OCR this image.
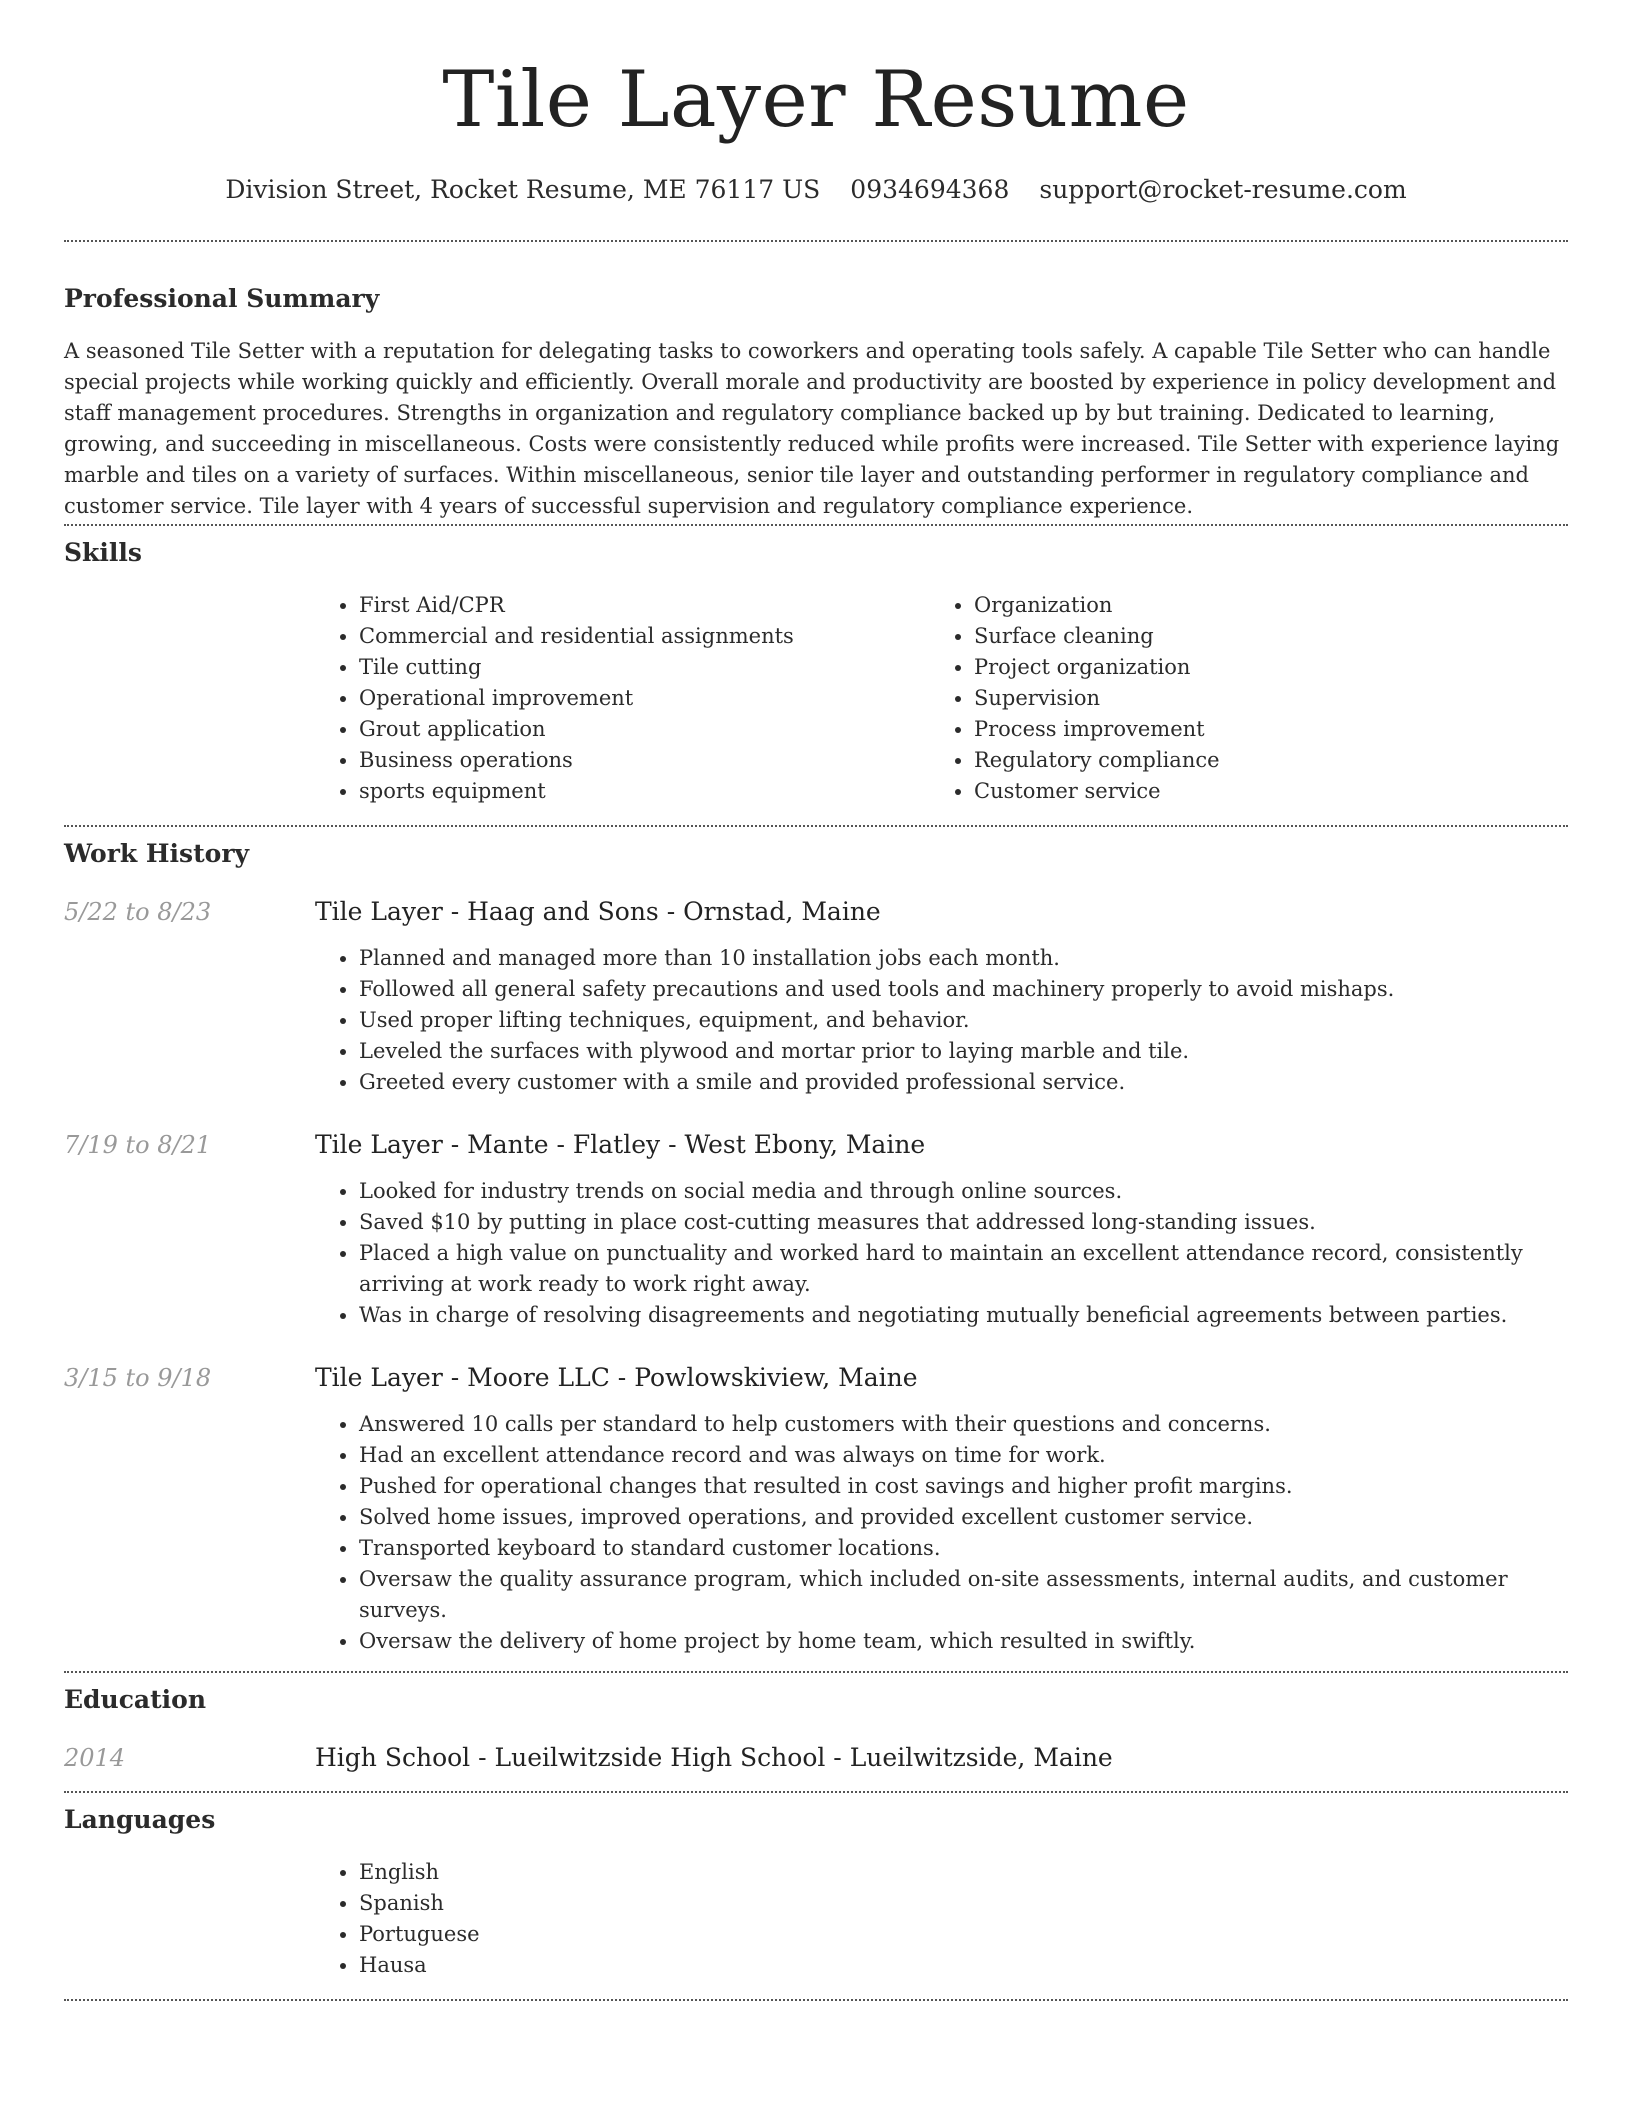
Tile Layer Resume
Division Street, Rocket Resume, ME 76117 US 0934694368 support@rocket-resume.com
Professional Summary

A seasoned Tile Setter with a reputation for delegating tasks to coworkers and operating tools safely. A capable Tile Setter who can handle special projects while working quickly and efficiently. Overall morale and productivity are boosted by experience in policy development and staff management procedures. Strengths in organization and regulatory compliance backed up by but training. Dedicated to learning, growing, and succeeding in miscellaneous. Costs were consistently reduced while profits were increased. Tile Setter with experience laying marble and tiles on a variety of surfaces. Within miscellaneous, senior tile layer and outstanding performer in regulatory compliance and customer service. Tile layer with 4 years of successful supervision and regulatory compliance experience.

Skills
• First Aid/CPR
• Commercial and residential assignments
• Tile cutting
• Operational improvement
• Grout application
• Business operations
• sports equipment
• Organization
• Surface cleaning
• Project organization
• Supervision
• Process improvement
• Regulatory compliance
• Customer service
Work History
5/22 to 8/23	Tile Layer - Haag and Sons - Ornstad, Maine
• Planned and managed more than 10 installation jobs each month.
• Followed all general safety precautions and used tools and machinery properly to avoid mishaps.
• Used proper lifting techniques, equipment, and behavior.
• Leveled the surfaces with plywood and mortar prior to laying marble and tile.
• Greeted every customer with a smile and provided professional service.
7/19 to 8/21	Tile Layer - Mante - Flatley - West Ebony, Maine
• Looked for industry trends on social media and through online sources.
• Saved $10 by putting in place cost-cutting measures that addressed long-standing issues.
• Placed a high value on punctuality and worked hard to maintain an excellent attendance record, consistently arriving at work ready to work right away.
• Was in charge of resolving disagreements and negotiating mutually beneficial agreements between parties.
3/15 to 9/18	Tile Layer - Moore LLC - Powlowskiview, Maine
• Answered 10 calls per standard to help customers with their questions and concerns.
• Had an excellent attendance record and was always on time for work.
• Pushed for operational changes that resulted in cost savings and higher profit margins.
• Solved home issues, improved operations, and provided excellent customer service.
• Transported keyboard to standard customer locations.
• Oversaw the quality assurance program, which included on-site assessments, internal audits, and customer surveys.
• Oversaw the delivery of home project by home team, which resulted in swiftly.
Education
2014	High School - Lueilwitzside High School - Lueilwitzside, Maine
Languages
• English
• Spanish
• Portuguese
• Hausa
